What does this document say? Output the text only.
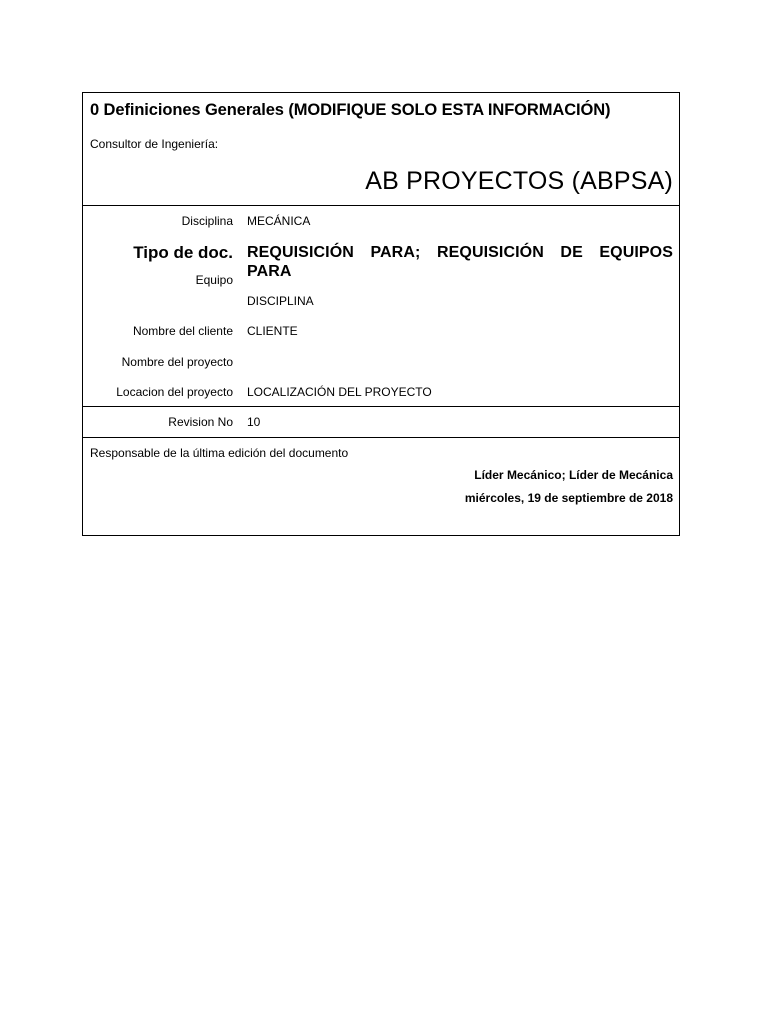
0 Definiciones Generales (MODIFIQUE SOLO ESTA INFORMACIÓN)
Consultor de Ingeniería:
AB PROYECTOS (ABPSA)
Disciplina MECÁNICA
Tipo de doc. REQUISICIÓN PARA; REQUISICIÓN DE EQUIPOS PARA
Equipo
DISCIPLINA
Nombre del cliente CLIENTE
Nombre del proyecto
Locacion del proyecto LOCALIZACIÓN DEL PROYECTO
Revision No 10
Responsable de la última edición del documento
Líder Mecánico; Líder de Mecánica
miércoles, 19 de septiembre de 2018
